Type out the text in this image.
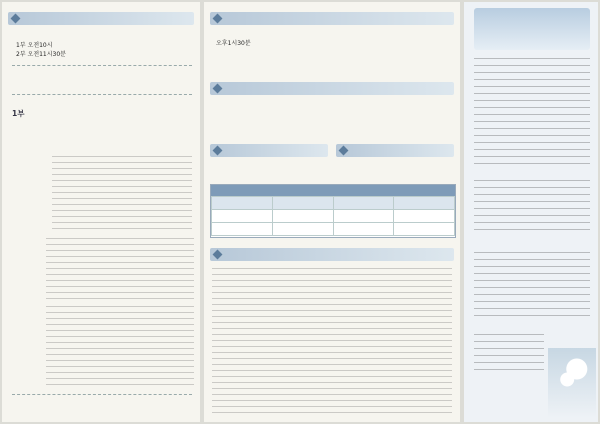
1부 오전10시
2부 오전11시30분
1부
오후1시30분
